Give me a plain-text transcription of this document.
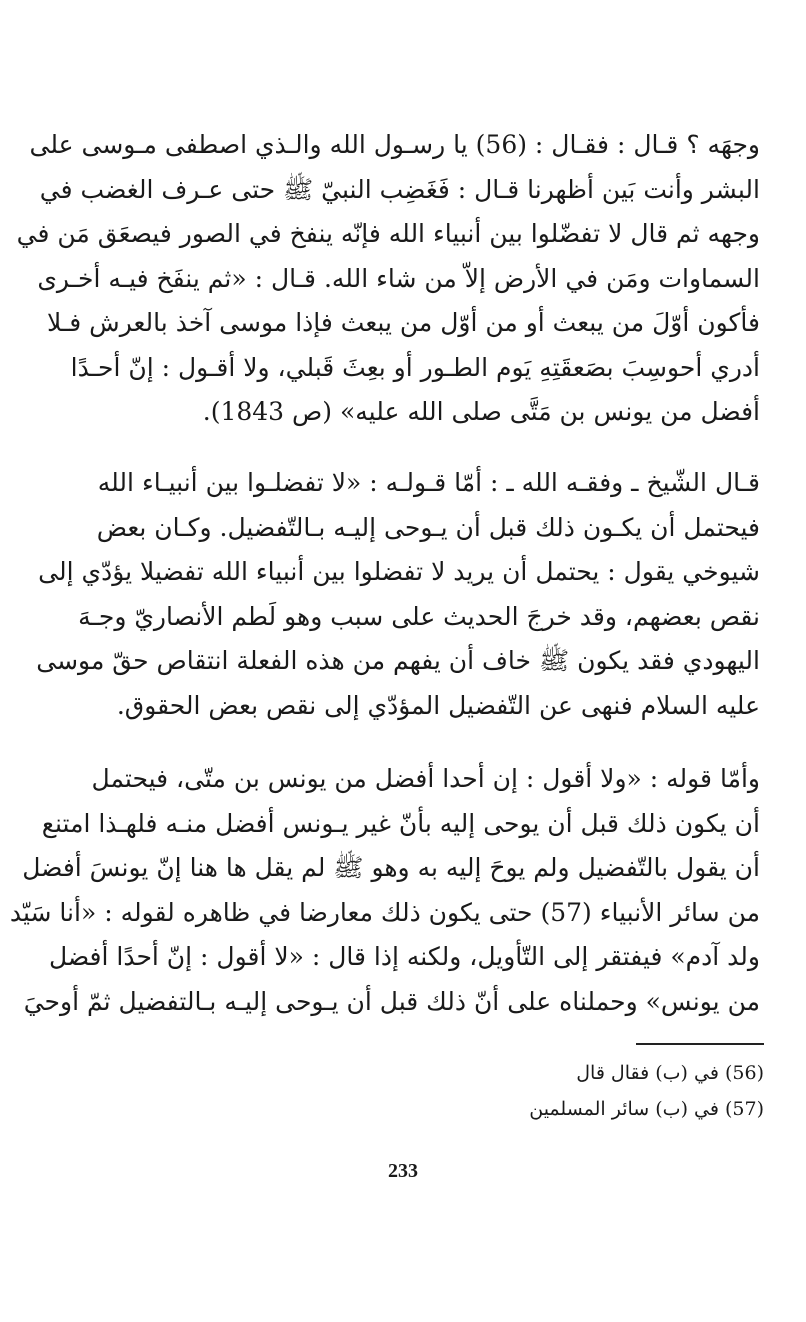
وجهَه ؟ قـال : فقـال : (56) يا رسـول الله والـذي اصطفى مـوسى على
البشر وأنت بَين أظهرنا قـال : فَغَضِب النبيّ ﷺ حتى عـرف الغضب في
وجهه ثم قال لا تفضّلوا بين أنبياء الله فإنّه ينفخ في الصور فيصعَق مَن في
السماوات ومَن في الأرض إلاّ من شاء الله. قـال : «ثم ينفَخ فيـه أخـرى
فأكون أوّلَ من يبعث أو من أوّل من يبعث فإذا موسى آخذ بالعرش فـلا
أدري أحوسِبَ بصَعقَتِهِ يَوم الطـور أو بعِثَ قَبلي، ولا أقـول : إنّ أحـدًا
أفضل من يونس بن مَتَّى صلى الله عليه» (ص 1843).
قـال الشّيخ ـ وفقـه الله ـ : أمّا قـولـه : «لا تفضلـوا بين أنبيـاء الله
فيحتمل أن يكـون ذلك قبل أن يـوحى إليـه بـالتّفضيل. وكـان بعض
شيوخي يقول : يحتمل أن يريد لا تفضلوا بين أنبياء الله تفضيلا يؤدّي إلى
نقص بعضهم، وقد خرجَ الحديث على سبب وهو لَطم الأنصاريّ وجـهَ
اليهودي فقد يكون ﷺ خاف أن يفهم من هذه الفعلة انتقاص حقّ موسى
عليه السلام فنهى عن التّفضيل المؤدّي إلى نقص بعض الحقوق.
وأمّا قوله : «ولا أقول : إن أحدا أفضل من يونس بن متّى، فيحتمل
أن يكون ذلك قبل أن يوحى إليه بأنّ غير يـونس أفضل منـه فلهـذا امتنع
أن يقول بالتّفضيل ولم يوحَ إليه به وهو ﷺ لم يقل ها هنا إنّ يونسَ أفضل
من سائر الأنبياء (57) حتى يكون ذلك معارضا في ظاهره لقوله : «أنا سَيّد
ولد آدم» فيفتقر إلى التّأويل، ولكنه إذا قال : «لا أقول : إنّ أحدًا أفضل
من يونس» وحملناه على أنّ ذلك قبل أن يـوحى إليـه بـالتفضيل ثمّ أوحيَ
(56) في (ب) فقال قال
(57) في (ب) سائر المسلمين
233
